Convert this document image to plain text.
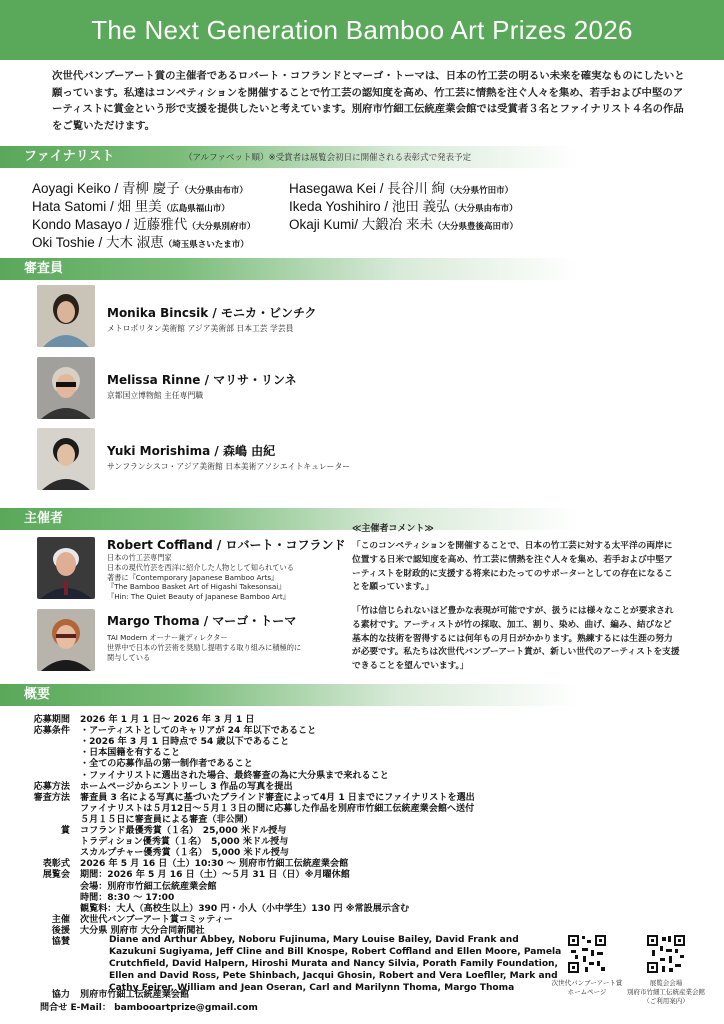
The Next Generation Bamboo Art Prizes 2026
次世代バンブーアート賞の主催者であるロバート・コフランドとマーゴ・トーマは、日本の竹工芸の明るい未来を確実なものにしたいと願っています。私達はコンペティションを開催することで竹工芸の認知度を高め、竹工芸に情熱を注ぐ人々を集め、若手および中堅のアーティストに賞金という形で支援を提供したいと考えています。別府市竹細工伝統産業会館では受賞者３名とファイナリスト４名の作品をご覧いただけます。
ファイナリスト	（アルファベット順）※受賞者は展覧会初日に開催される表彰式で発表予定
Aoyagi Keiko / 青柳 慶子（大分県由布市）	Hasegawa Kei / 長谷川 絢（大分県竹田市）
Hata Satomi / 畑 里美（広島県福山市）	Ikeda Yoshihiro / 池田 義弘（大分県由布市）
Kondo Masayo / 近藤雅代（大分県別府市） Okaji Kumi/ 大鍛冶 来未（大分県豊後高田市）
Oki Toshie / 大木 淑恵（埼玉県さいたま市）
審査員
Monika Bincsik / モニカ・ビンチク
メトロポリタン美術館 アジア美術部 日本工芸 学芸員
Melissa Rinne / マリサ・リンネ
京都国立博物館 主任専門職
Yuki Morishima / 森嶋 由紀
サンフランシスコ・アジア美術館 日本美術アソシエイトキュレーター
主催者
Robert Coffland / ロバート・コフランド
日本の竹工芸専門家
日本の現代竹芸を西洋に紹介した人物として知られている
著書に『Contemporary Japanese Bamboo Arts』
『The Bamboo Basket Art of Higashi Takesonsai』
『Hin: The Quiet Beauty of Japanese Bamboo Art』
Margo Thoma / マーゴ・トーマ
TAI Modern オーナー兼ディレクター
世界中で日本の竹芸術を奨励し提唱する取り組みに積極的に
関与している
≪主催者コメント≫
「このコンペティションを開催することで、日本の竹工芸に対する太平洋の両岸に位置する日米で認知度を高め、竹工芸に情熱を注ぐ人々を集め、若手および中堅アーティストを財政的に支援する将来にわたってのサポーターとしての存在になることを願っています。」
「竹は信じられないほど豊かな表現が可能ですが、扱うには様々なことが要求される素材です。アーティストが竹の採取、加工、割り、染め、曲げ、編み、結びなど基本的な技術を習得するには何年もの月日がかかります。熟練するには生涯の努力が必要です。私たちは次世代バンブーアート賞が、新しい世代のアーティストを支援できることを望んでいます。」
概要
応募期間 2026 年 1 月 1 日～ 2026 年 3 月 1 日
応募条件 ・アーティストとしてのキャリアが 24 年以下であること
・2026 年 3 月 1 日時点で 54 歳以下であること
・日本国籍を有すること
・全ての応募作品の第一制作者であること
・ファイナリストに選出された場合、最終審査の為に大分県まで来れること
応募方法 ホームページからエントリーし 3 作品の写真を提出
審査方法 審査員 3 名による写真に基づいたブラインド審査によって4月 1 日までにファイナリストを選出
ファイナリストは５月12日～５月１３日の間に応募した作品を別府市竹細工伝統産業会館へ送付
５月１５日に審査員による審査（非公開）
賞 コフランド最優秀賞（１名）　25,000 米ドル授与
トラディション優秀賞（１名）　5,000 米ドル授与
スカルプチャー優秀賞（１名）　5,000 米ドル授与
表彰式 2026 年 5 月 16 日（土）10:30 ～ 別府市竹細工伝統産業会館
展覧会 期間：2026 年 5 月 16 日（土）～５月 31 日（日）※月曜休館
会場：別府市竹細工伝統産業会館
時間：8:30 ～ 17:00
観覧料：大人（高校生以上）390 円・小人（小中学生）130 円 ※常設展示含む
主催 次世代バンブーアート賞コミッティー
後援 大分県 別府市 大分合同新聞社
協賛	Diane and Arthur Abbey, Noboru Fujinuma, Mary Louise Bailey, David Frank and Kazukuni Sugiyama, Jeff Cline and Bill Knospe, Robert Coffland and Ellen Moore, Pamela Crutchfield, David Halpern, Hiroshi Murata and Nancy Silvia, Porath Family Foundation, Ellen and David Ross, Pete Shinbach, Jacqui Ghosin, Robert and Vera Loefller, Mark and Cathy Feirer, William and Jean Oseran, Carl and Marilynn Thoma, Margo Thoma
協力 別府市竹細工伝統産業会館
問合せ E-Mail： bambooartprize@gmail.com
次世代バンブーアート賞
ホームページ
展覧会会場
別府市竹細工伝統産業会館
（ご利用案内）
